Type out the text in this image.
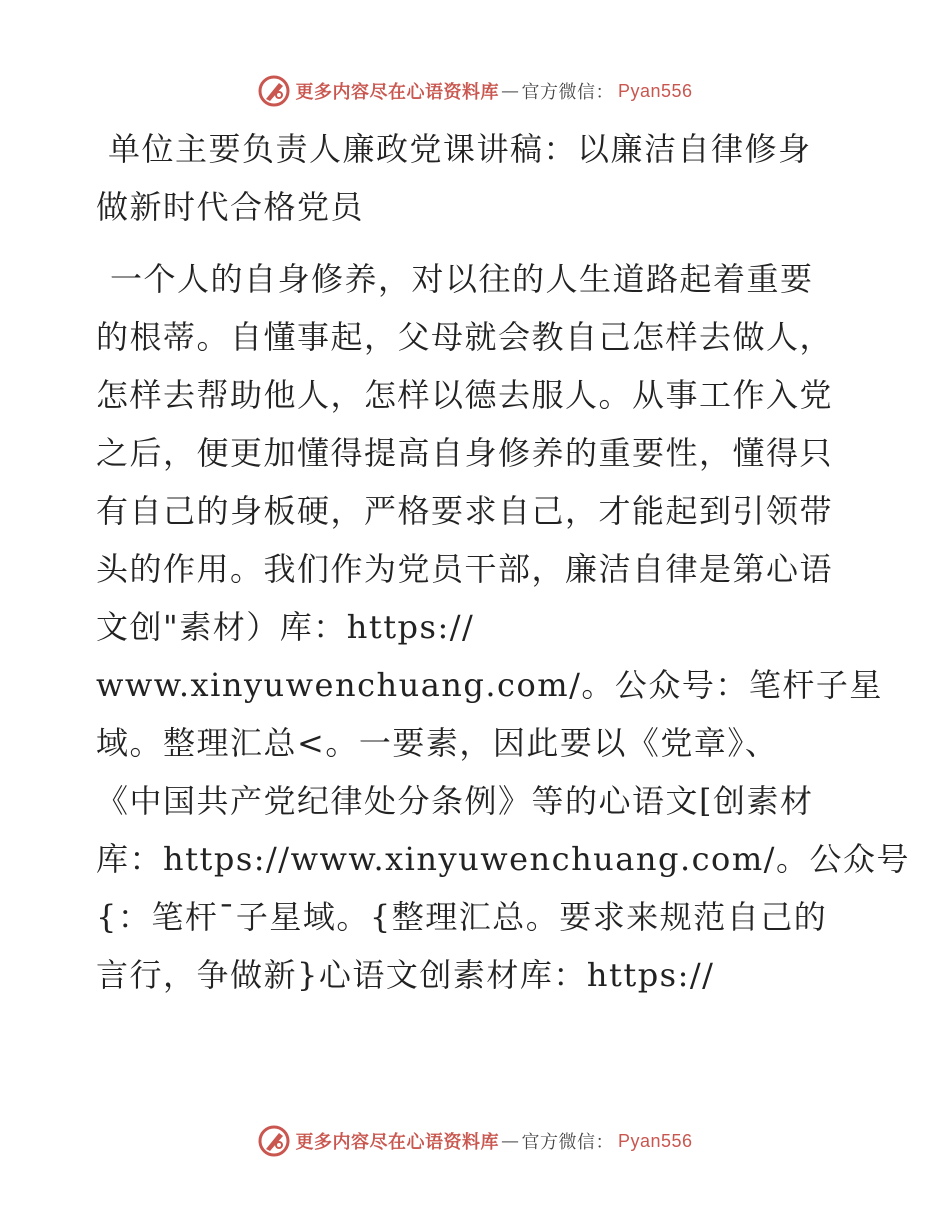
更多内容尽在心语资料库 — 官方微信 ： Pyan556
单位主要负责人廉政党课讲稿：以廉洁自律修身
做新时代合格党员
一个人的自身修养，对以往的人生道路起着重要
的根蒂。自懂事起，父母就会教自己怎样去做人，
怎样去帮助他人，怎样以德去服人。从事工作入党
之后，便更加懂得提高自身修养的重要性，懂得只
有自己的身板硬，严格要求自己，才能起到引领带
头的作用。我们作为党员干部，廉洁自律是第心语
文创"素材）库：https://
www.xinyuwenchuang.com/。公众号：笔杆子星
域。整理汇总<。一要素，因此要以《党章》、
《中国共产党纪律处分条例》等的心语文[创素材
库：https://www.xinyuwenchuang.com/。公众号
{：笔杆¯子星域。{整理汇总。要求来规范自己的
言行，争做新}心语文创素材库：https://
更多内容尽在心语资料库 — 官方微信 ： Pyan556
